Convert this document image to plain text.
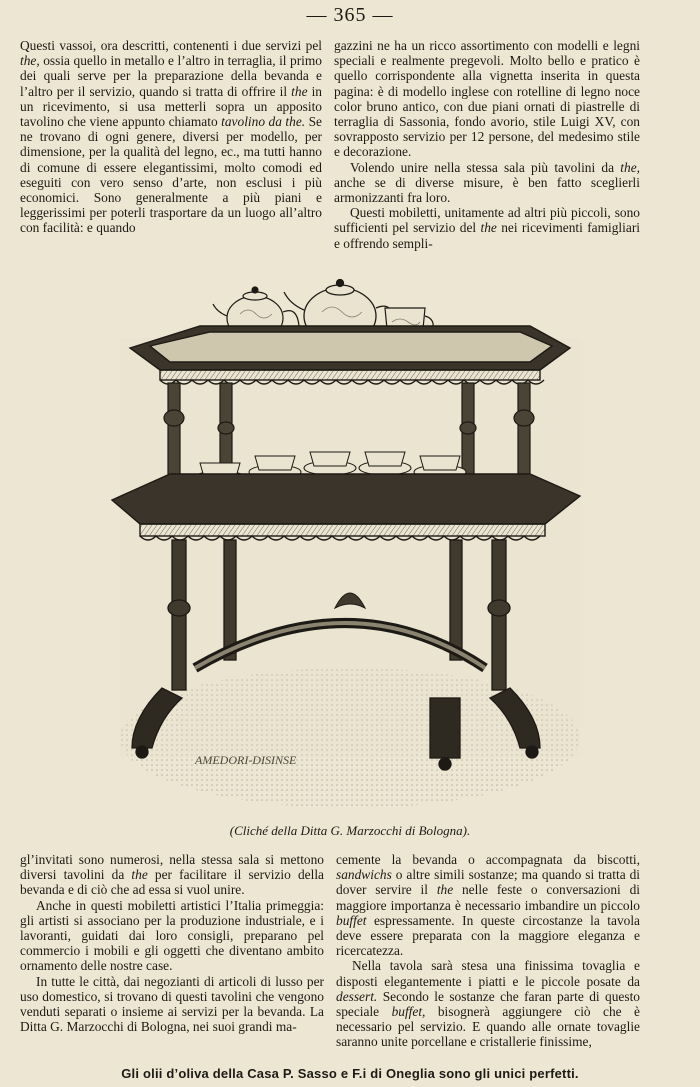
— 365 —

Questi vassoi, ora descritti, contenenti i due servizi pel the, ossia quello in metallo e l’altro in terraglia, il primo dei quali serve per la preparazione della bevanda e l’altro per il servizio, quando si tratta di offrire il the in un ricevimento, si usa metterli sopra un apposito tavolino che viene appunto chiamato tavolino da the. Se ne trovano di ogni genere, diversi per modello, per dimensione, per la qualità del legno, ec., ma tutti hanno di comune di essere elegantissimi, molto comodi ed eseguiti con vero senso d’arte, non esclusi i più economici. Sono generalmente a più piani e leggerissimi per poterli trasportare da un luogo all’altro con facilità: e quando

gazzini ne ha un ricco assortimento con modelli e legni speciali e realmente pregevoli. Molto bello e pratico è quello corrispondente alla vignetta inserita in questa pagina: è di modello inglese con rotelline di legno noce color bruno antico, con due piani ornati di piastrelle di terraglia di Sassonia, fondo avorio, stile Luigi XV, con sovrapposto servizio per 12 persone, del medesimo stile e decorazione.

Volendo unire nella stessa sala più tavolini da the, anche se di diverse misure, è ben fatto sceglierli armonizzanti fra loro.

Questi mobiletti, unitamente ad altri più piccoli, sono sufficienti pel servizio del the nei ricevimenti famigliari e offrendo sempli-

AMEDORI-DISINSE
(Cliché della Ditta G. Marzocchi di Bologna).

gl’invitati sono numerosi, nella stessa sala si mettono diversi tavolini da the per facilitare il servizio della bevanda e di ciò che ad essa si vuol unire.

Anche in questi mobiletti artistici l’Italia primeggia: gli artisti si associano per la produzione industriale, e i lavoranti, guidati dai loro consigli, preparano pel commercio i mobili e gli oggetti che diventano ambito ornamento delle nostre case.

In tutte le città, dai negozianti di articoli di lusso per uso domestico, si trovano di questi tavolini che vengono venduti separati o insieme ai servizi per la bevanda. La Ditta G. Marzocchi di Bologna, nei suoi grandi ma-

cemente la bevanda o accompagnata da biscotti, sandwichs o altre simili sostanze; ma quando si tratta di dover servire il the nelle feste o conversazioni di maggiore importanza è necessario imbandire un piccolo buffet espressamente. In queste circostanze la tavola deve essere preparata con la maggiore eleganza e ricercatezza.

Nella tavola sarà stesa una finissima tovaglia e disposti elegantemente i piatti e le piccole posate da dessert. Secondo le sostanze che faran parte di questo speciale buffet, bisognerà aggiungere ciò che è necessario pel servizio. E quando alle ornate tovaglie saranno unite porcellane e cristallerie finissime,

Gli olii d’oliva della Casa P. Sasso e F.i di Oneglia sono gli unici perfetti.
